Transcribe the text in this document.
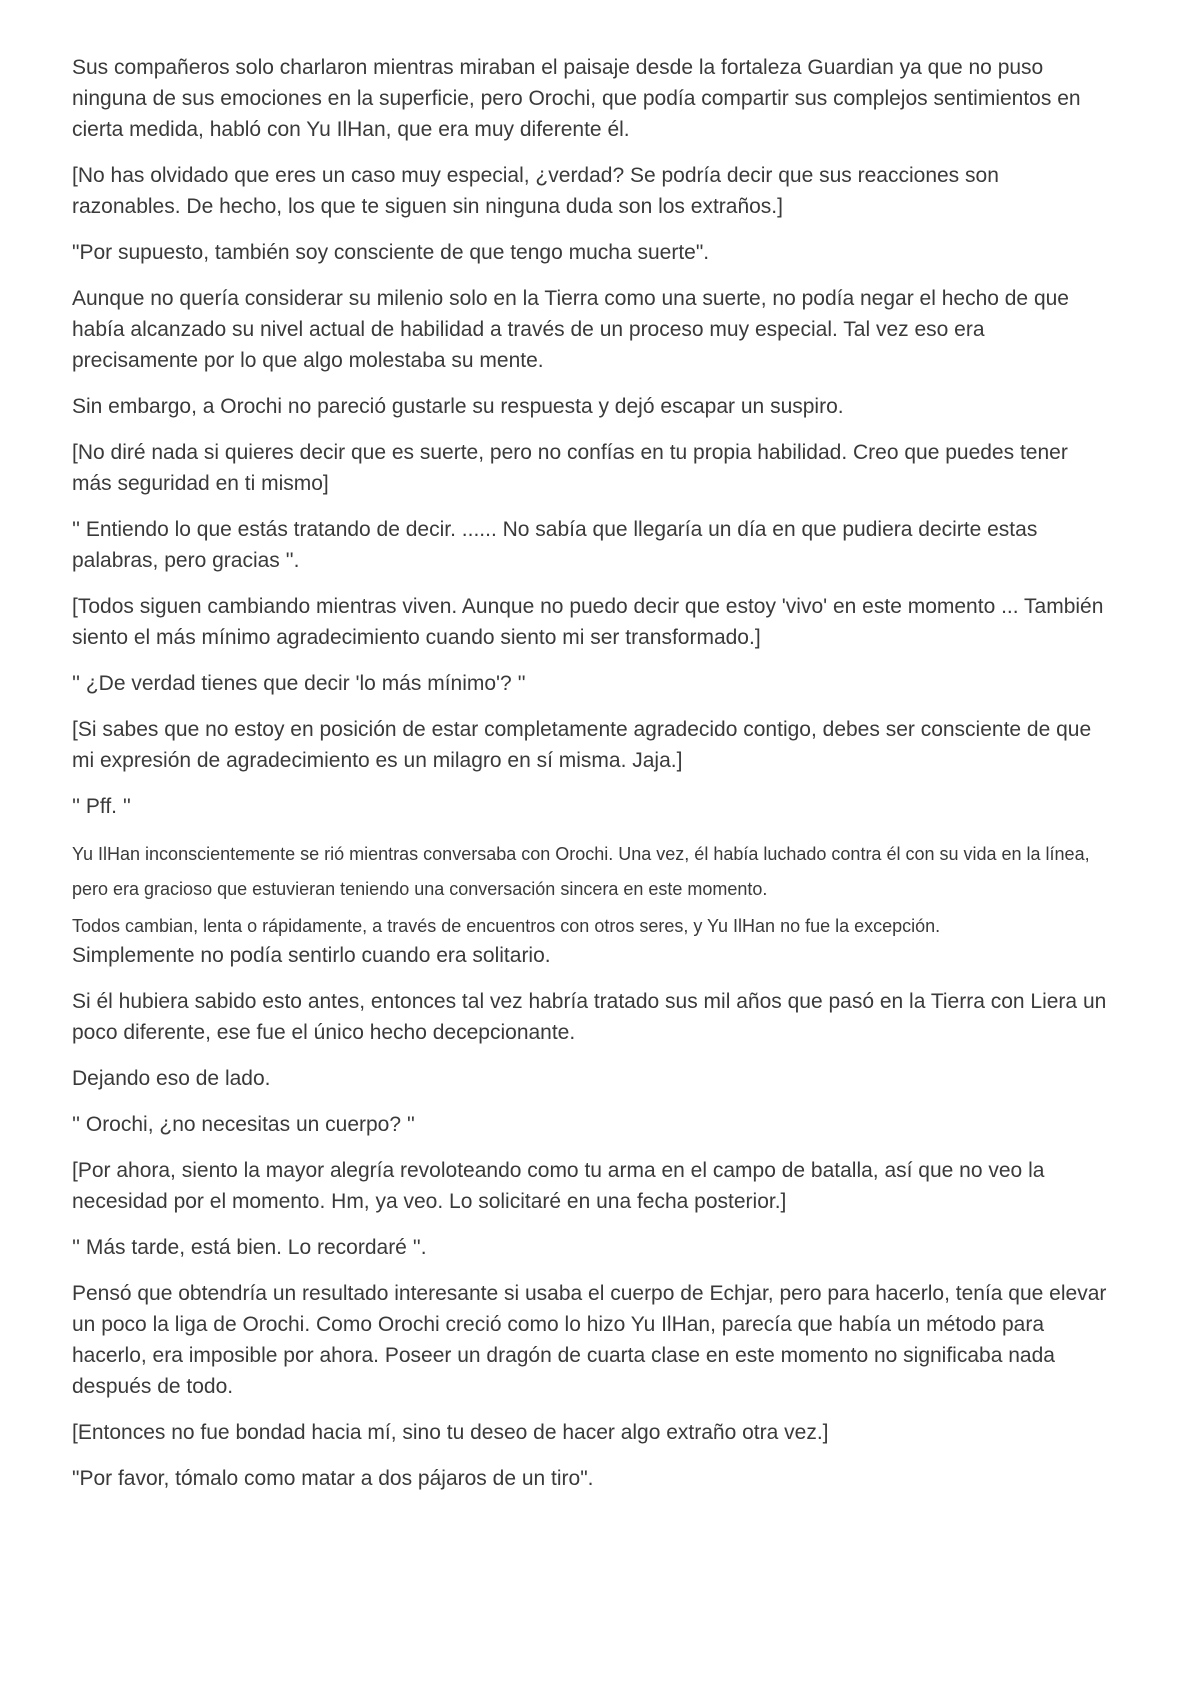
Sus compañeros solo charlaron mientras miraban el paisaje desde la fortaleza Guardian ya que no puso ninguna de sus emociones en la superficie, pero Orochi, que podía compartir sus complejos sentimientos en cierta medida, habló con Yu IlHan, que era muy diferente él.

[No has olvidado que eres un caso muy especial, ¿verdad? Se podría decir que sus reacciones son razonables. De hecho, los que te siguen sin ninguna duda son los extraños.]

"Por supuesto, también soy consciente de que tengo mucha suerte".

Aunque no quería considerar su milenio solo en la Tierra como una suerte, no podía negar el hecho de que había alcanzado su nivel actual de habilidad a través de un proceso muy especial. Tal vez eso era precisamente por lo que algo molestaba su mente.

Sin embargo, a Orochi no pareció gustarle su respuesta y dejó escapar un suspiro.

[No diré nada si quieres decir que es suerte, pero no confías en tu propia habilidad. Creo que puedes tener más seguridad en ti mismo]

'' Entiendo lo que estás tratando de decir. ...... No sabía que llegaría un día en que pudiera decirte estas palabras, pero gracias ''.

[Todos siguen cambiando mientras viven. Aunque no puedo decir que estoy 'vivo' en este momento ... También siento el más mínimo agradecimiento cuando siento mi ser transformado.]

'' ¿De verdad tienes que decir 'lo más mínimo'? ''

[Si sabes que no estoy en posición de estar completamente agradecido contigo, debes ser consciente de que mi expresión de agradecimiento es un milagro en sí misma. Jaja.]

'' Pff. ''

Yu IlHan inconscientemente se rió mientras conversaba con Orochi. Una vez, él había luchado contra él con su vida en la línea, pero era gracioso que estuvieran teniendo una conversación sincera en este momento.

Todos cambian, lenta o rápidamente, a través de encuentros con otros seres, y Yu IlHan no fue la excepción.

Simplemente no podía sentirlo cuando era solitario.

Si él hubiera sabido esto antes, entonces tal vez habría tratado sus mil años que pasó en la Tierra con Liera un poco diferente, ese fue el único hecho decepcionante.

Dejando eso de lado.

'' Orochi, ¿no necesitas un cuerpo? ''

[Por ahora, siento la mayor alegría revoloteando como tu arma en el campo de batalla, así que no veo la necesidad por el momento. Hm, ya veo. Lo solicitaré en una fecha posterior.]

'' Más tarde, está bien. Lo recordaré ''.

Pensó que obtendría un resultado interesante si usaba el cuerpo de Echjar, pero para hacerlo, tenía que elevar un poco la liga de Orochi. Como Orochi creció como lo hizo Yu IlHan, parecía que había un método para hacerlo, era imposible por ahora. Poseer un dragón de cuarta clase en este momento no significaba nada después de todo.

[Entonces no fue bondad hacia mí, sino tu deseo de hacer algo extraño otra vez.]

"Por favor, tómalo como matar a dos pájaros de un tiro".
